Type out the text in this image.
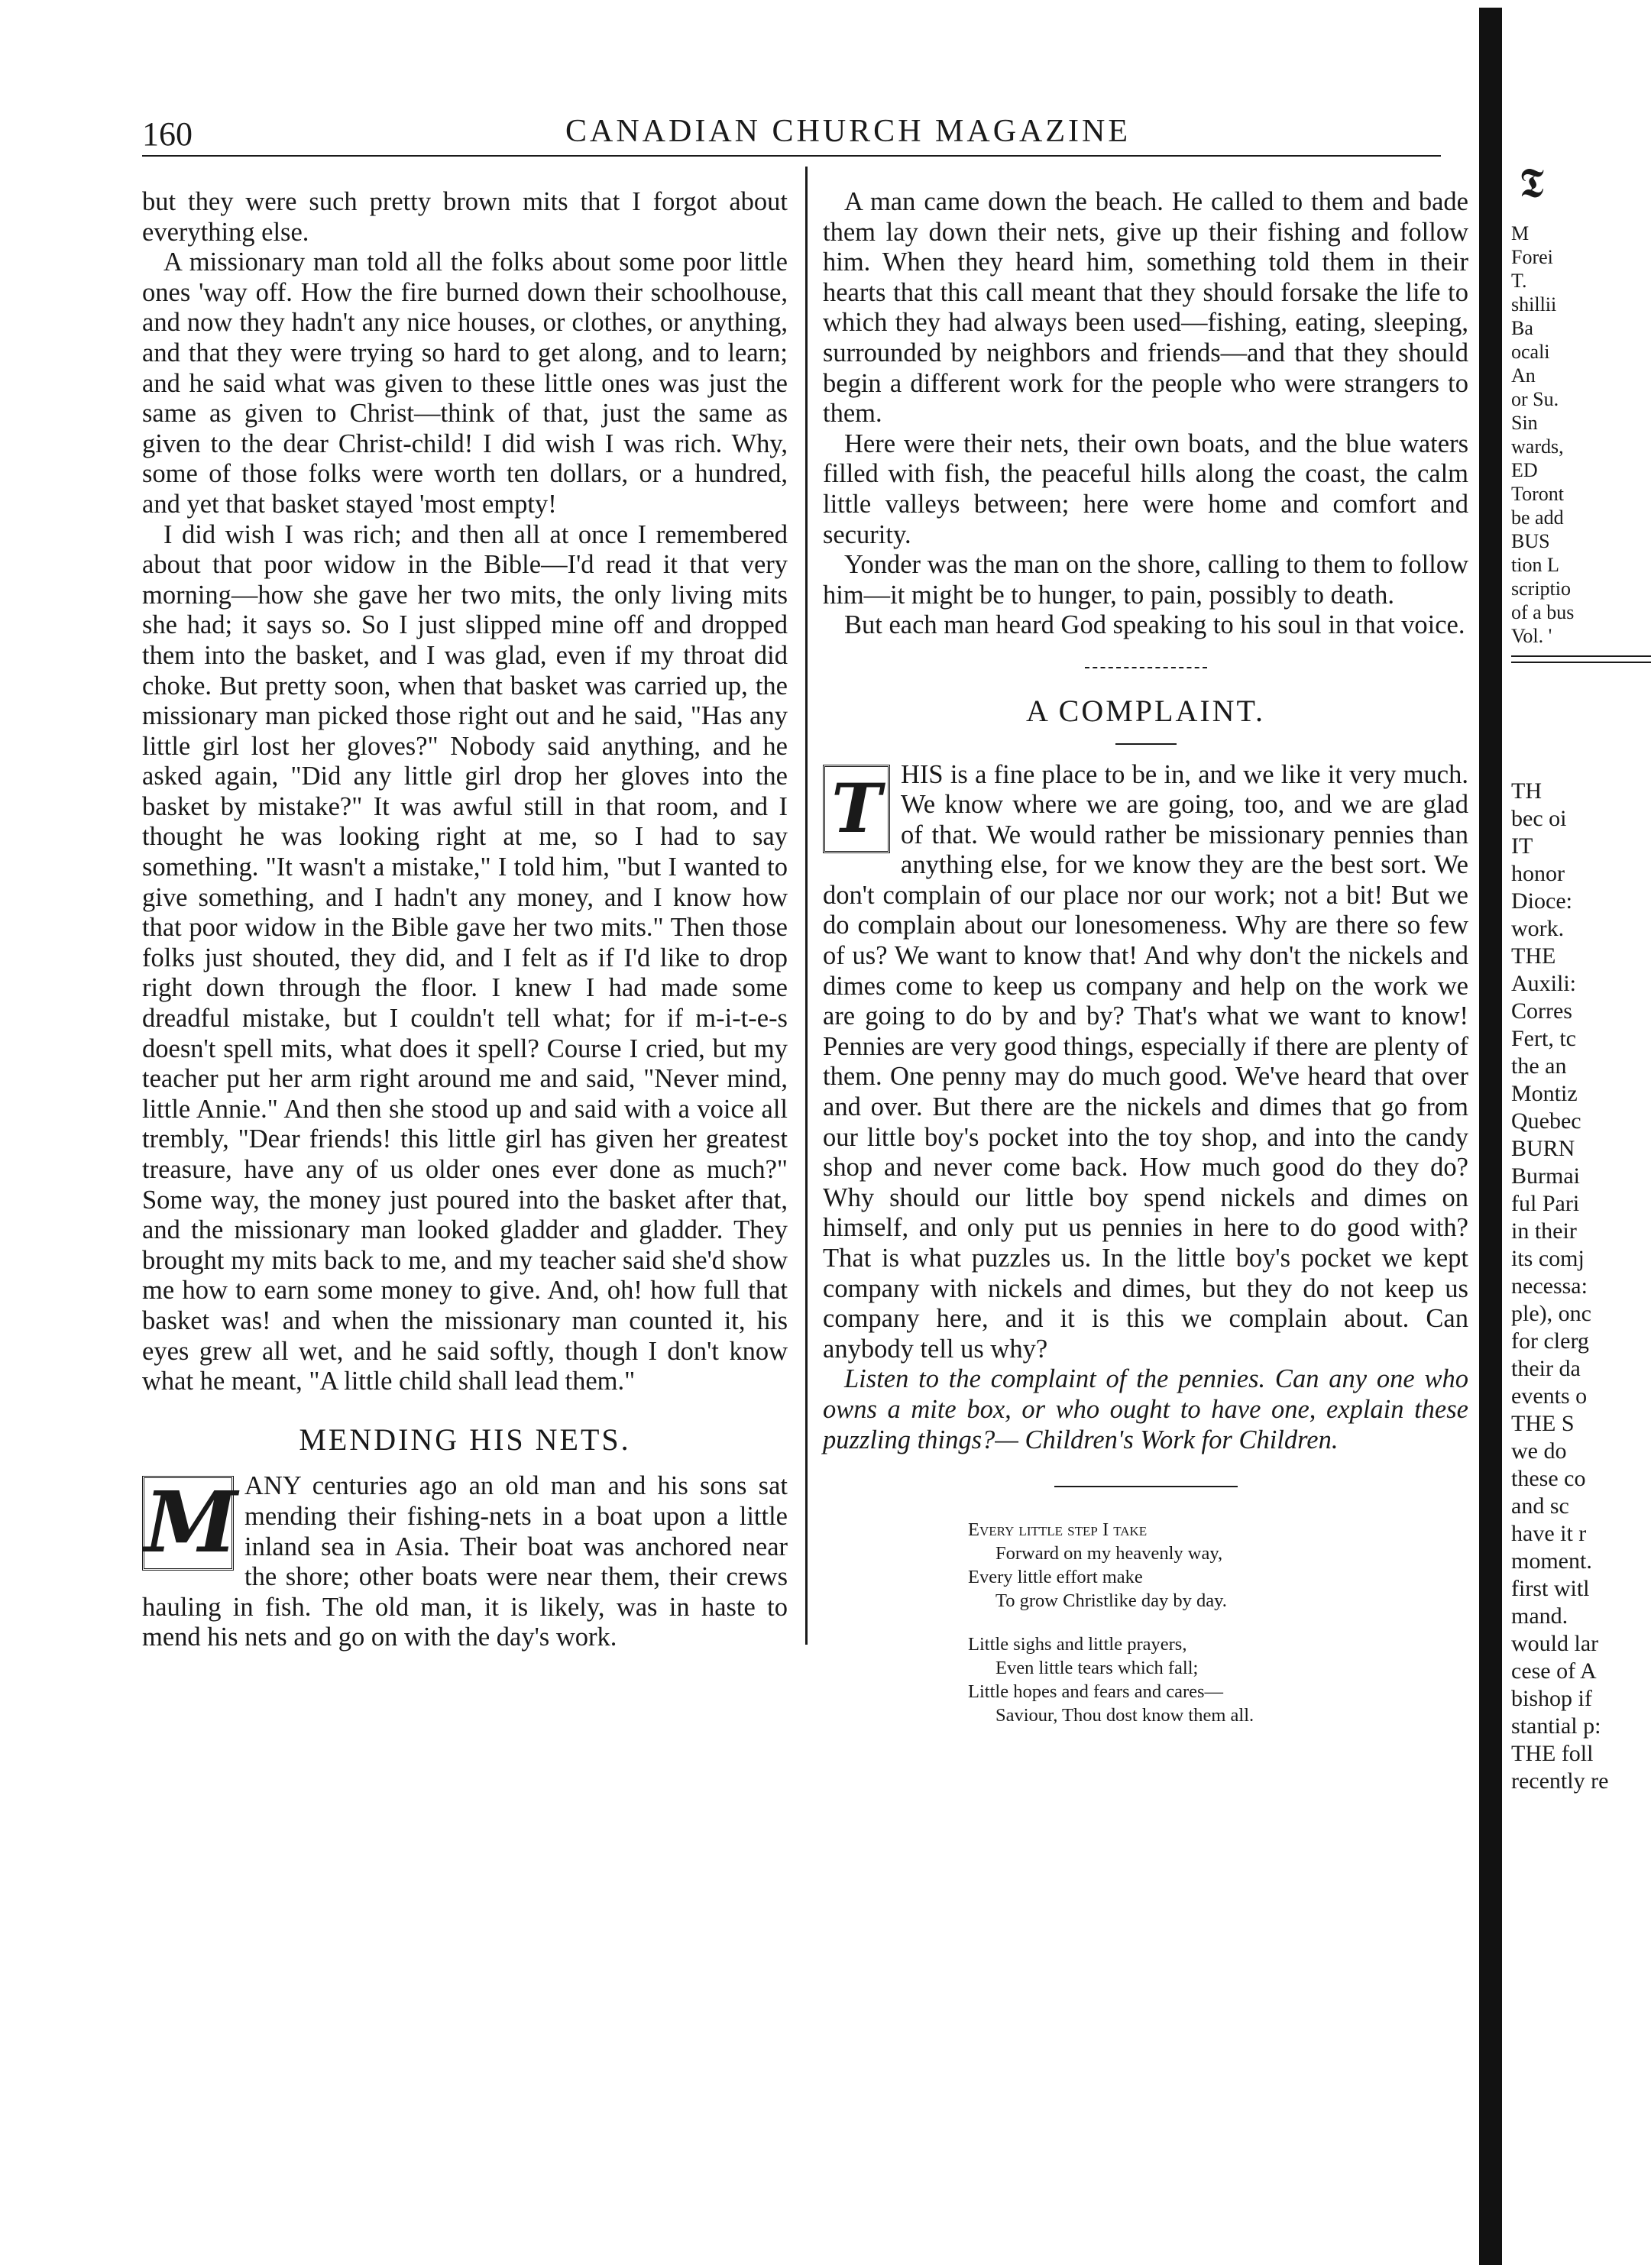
160	CANADIAN CHURCH MAGAZINE

but they were such pretty brown mits that I forgot about everything else.

A missionary man told all the folks about some poor little ones 'way off. How the fire burned down their schoolhouse, and now they hadn't any nice houses, or clothes, or anything, and that they were trying so hard to get along, and to learn; and he said what was given to these little ones was just the same as given to Christ—think of that, just the same as given to the dear Christ-child! I did wish I was rich. Why, some of those folks were worth ten dollars, or a hundred, and yet that basket stayed 'most empty!

I did wish I was rich; and then all at once I remembered about that poor widow in the Bible—I'd read it that very morning—how she gave her two mits, the only living mits she had; it says so. So I just slipped mine off and dropped them into the basket, and I was glad, even if my throat did choke. But pretty soon, when that basket was carried up, the missionary man picked those right out and he said, "Has any little girl lost her gloves?" Nobody said anything, and he asked again, "Did any little girl drop her gloves into the basket by mistake?" It was awful still in that room, and I thought he was looking right at me, so I had to say something. "It wasn't a mistake," I told him, "but I wanted to give something, and I hadn't any money, and I know how that poor widow in the Bible gave her two mits." Then those folks just shouted, they did, and I felt as if I'd like to drop right down through the floor. I knew I had made some dreadful mistake, but I couldn't tell what; for if m-i-t-e-s doesn't spell mits, what does it spell? Course I cried, but my teacher put her arm right around me and said, "Never mind, little Annie." And then she stood up and said with a voice all trembly, "Dear friends! this little girl has given her greatest treasure, have any of us older ones ever done as much?" Some way, the money just poured into the basket after that, and the missionary man looked gladder and gladder. They brought my mits back to me, and my teacher said she'd show me how to earn some money to give. And, oh! how full that basket was! and when the missionary man counted it, his eyes grew all wet, and he said softly, though I don't know what he meant, "A little child shall lead them."

MENDING HIS NETS.
M ANY centuries ago an old man and his sons sat mending their fishing-nets in a boat upon a little inland sea in Asia. Their boat was anchored near the shore; other boats were near them, their crews hauling in fish. The old man, it is likely, was in haste to mend his nets and go on with the day's work.

A man came down the beach. He called to them and bade them lay down their nets, give up their fishing and follow him. When they heard him, something told them in their hearts that this call meant that they should forsake the life to which they had always been used—fishing, eating, sleeping, surrounded by neighbors and friends—and that they should begin a different work for the people who were strangers to them.

Here were their nets, their own boats, and the blue waters filled with fish, the peaceful hills along the coast, the calm little valleys between; here were home and comfort and security.

Yonder was the man on the shore, calling to them to follow him—it might be to hunger, to pain, possibly to death.

But each man heard God speaking to his soul in that voice.

A COMPLAINT.
T HIS is a fine place to be in, and we like it very much. We know where we are going, too, and we are glad of that. We would rather be missionary pennies than anything else, for we know they are the best sort. We don't complain of our place nor our work; not a bit! But we do complain about our lonesomeness. Why are there so few of us? We want to know that! And why don't the nickels and dimes come to keep us company and help on the work we are going to do by and by? That's what we want to know! Pennies are very good things, especially if there are plenty of them. One penny may do much good. We've heard that over and over. But there are the nickels and dimes that go from our little boy's pocket into the toy shop, and into the candy shop and never come back. How much good do they do? Why should our little boy spend nickels and dimes on himself, and only put us pennies in here to do good with? That is what puzzles us. In the little boy's pocket we kept company with nickels and dimes, but they do not keep us company here, and it is this we complain about. Can anybody tell us why?

Listen to the complaint of the pennies. Can any one who owns a mite box, or who ought to have one, explain these puzzling things?— Children's Work for Children.

Every little step I take
Forward on my heavenly way,
Every little effort make
To grow Christlike day by day.
Little sighs and little prayers,
Even little tears which fall;
Little hopes and fears and cares—
Saviour, Thou dost know them all.
𝕿
M
Forei
T.
shillii
Ba
ocali
An
or Su.
Sin
wards,
ED
Toront
be add
BUS
tion L
scriptio
of a bus
Vol. '
TH
bec oi
IT
honor
Dioce:
work.
THE
Auxili:
Corres
Fert, tc
the an
Montiz
Quebec
BURN
Burmai
ful Pari
in their
its comj
necessa:
ple), onc
for clerg
their da
events o
THE S
we do
these co
and sc
have it r
moment.
first witl
mand.
would lar
cese of A
bishop if
stantial p:
THE foll
recently re
